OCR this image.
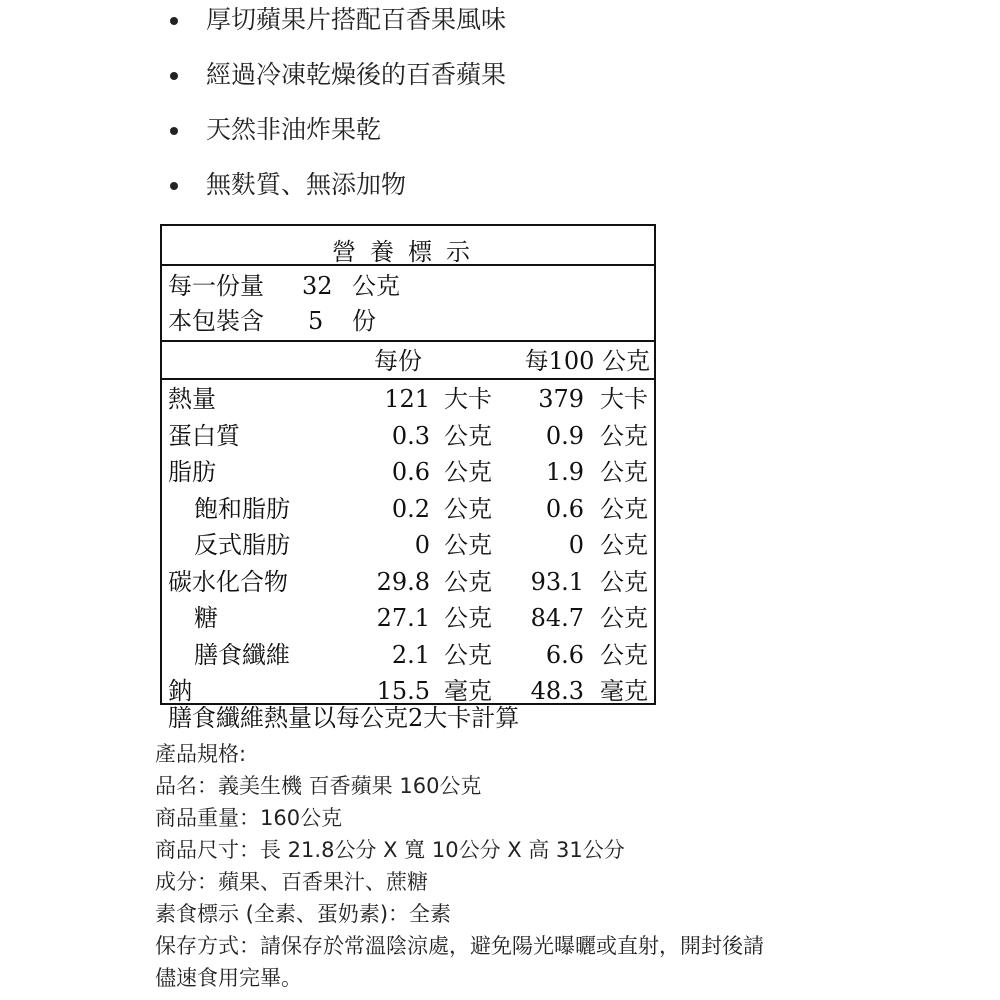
厚切蘋果片搭配百香果風味
經過冷凍乾燥後的百香蘋果
天然非油炸果乾
無麩質、無添加物
營養標示
每一份量 32 公克
本包裝含 5 份
每份	每100 公克
熱量	121 大卡 379 大卡
蛋白質	0.3 公克 0.9 公克
脂肪	0.6 公克 1.9 公克
飽和脂肪	0.2 公克 0.6 公克
反式脂肪	0 公克	0 公克
碳水化合物	29.8 公克 93.1 公克
糖	27.1 公克 84.7 公克
膳食纖維	2.1 公克 6.6 公克
鈉	15.5 毫克 48.3 毫克
膳食纖維熱量以每公克2大卡計算
產品規格:
品名：義美生機 百香蘋果 160公克
商品重量：160公克
商品尺寸：長 21.8公分 X 寬 10公分 X 高 31公分
成分：蘋果、百香果汁、蔗糖
素食標示 (全素、蛋奶素)：全素
保存方式：請保存於常溫陰涼處，避免陽光曝曬或直射，開封後請
儘速食用完畢。
